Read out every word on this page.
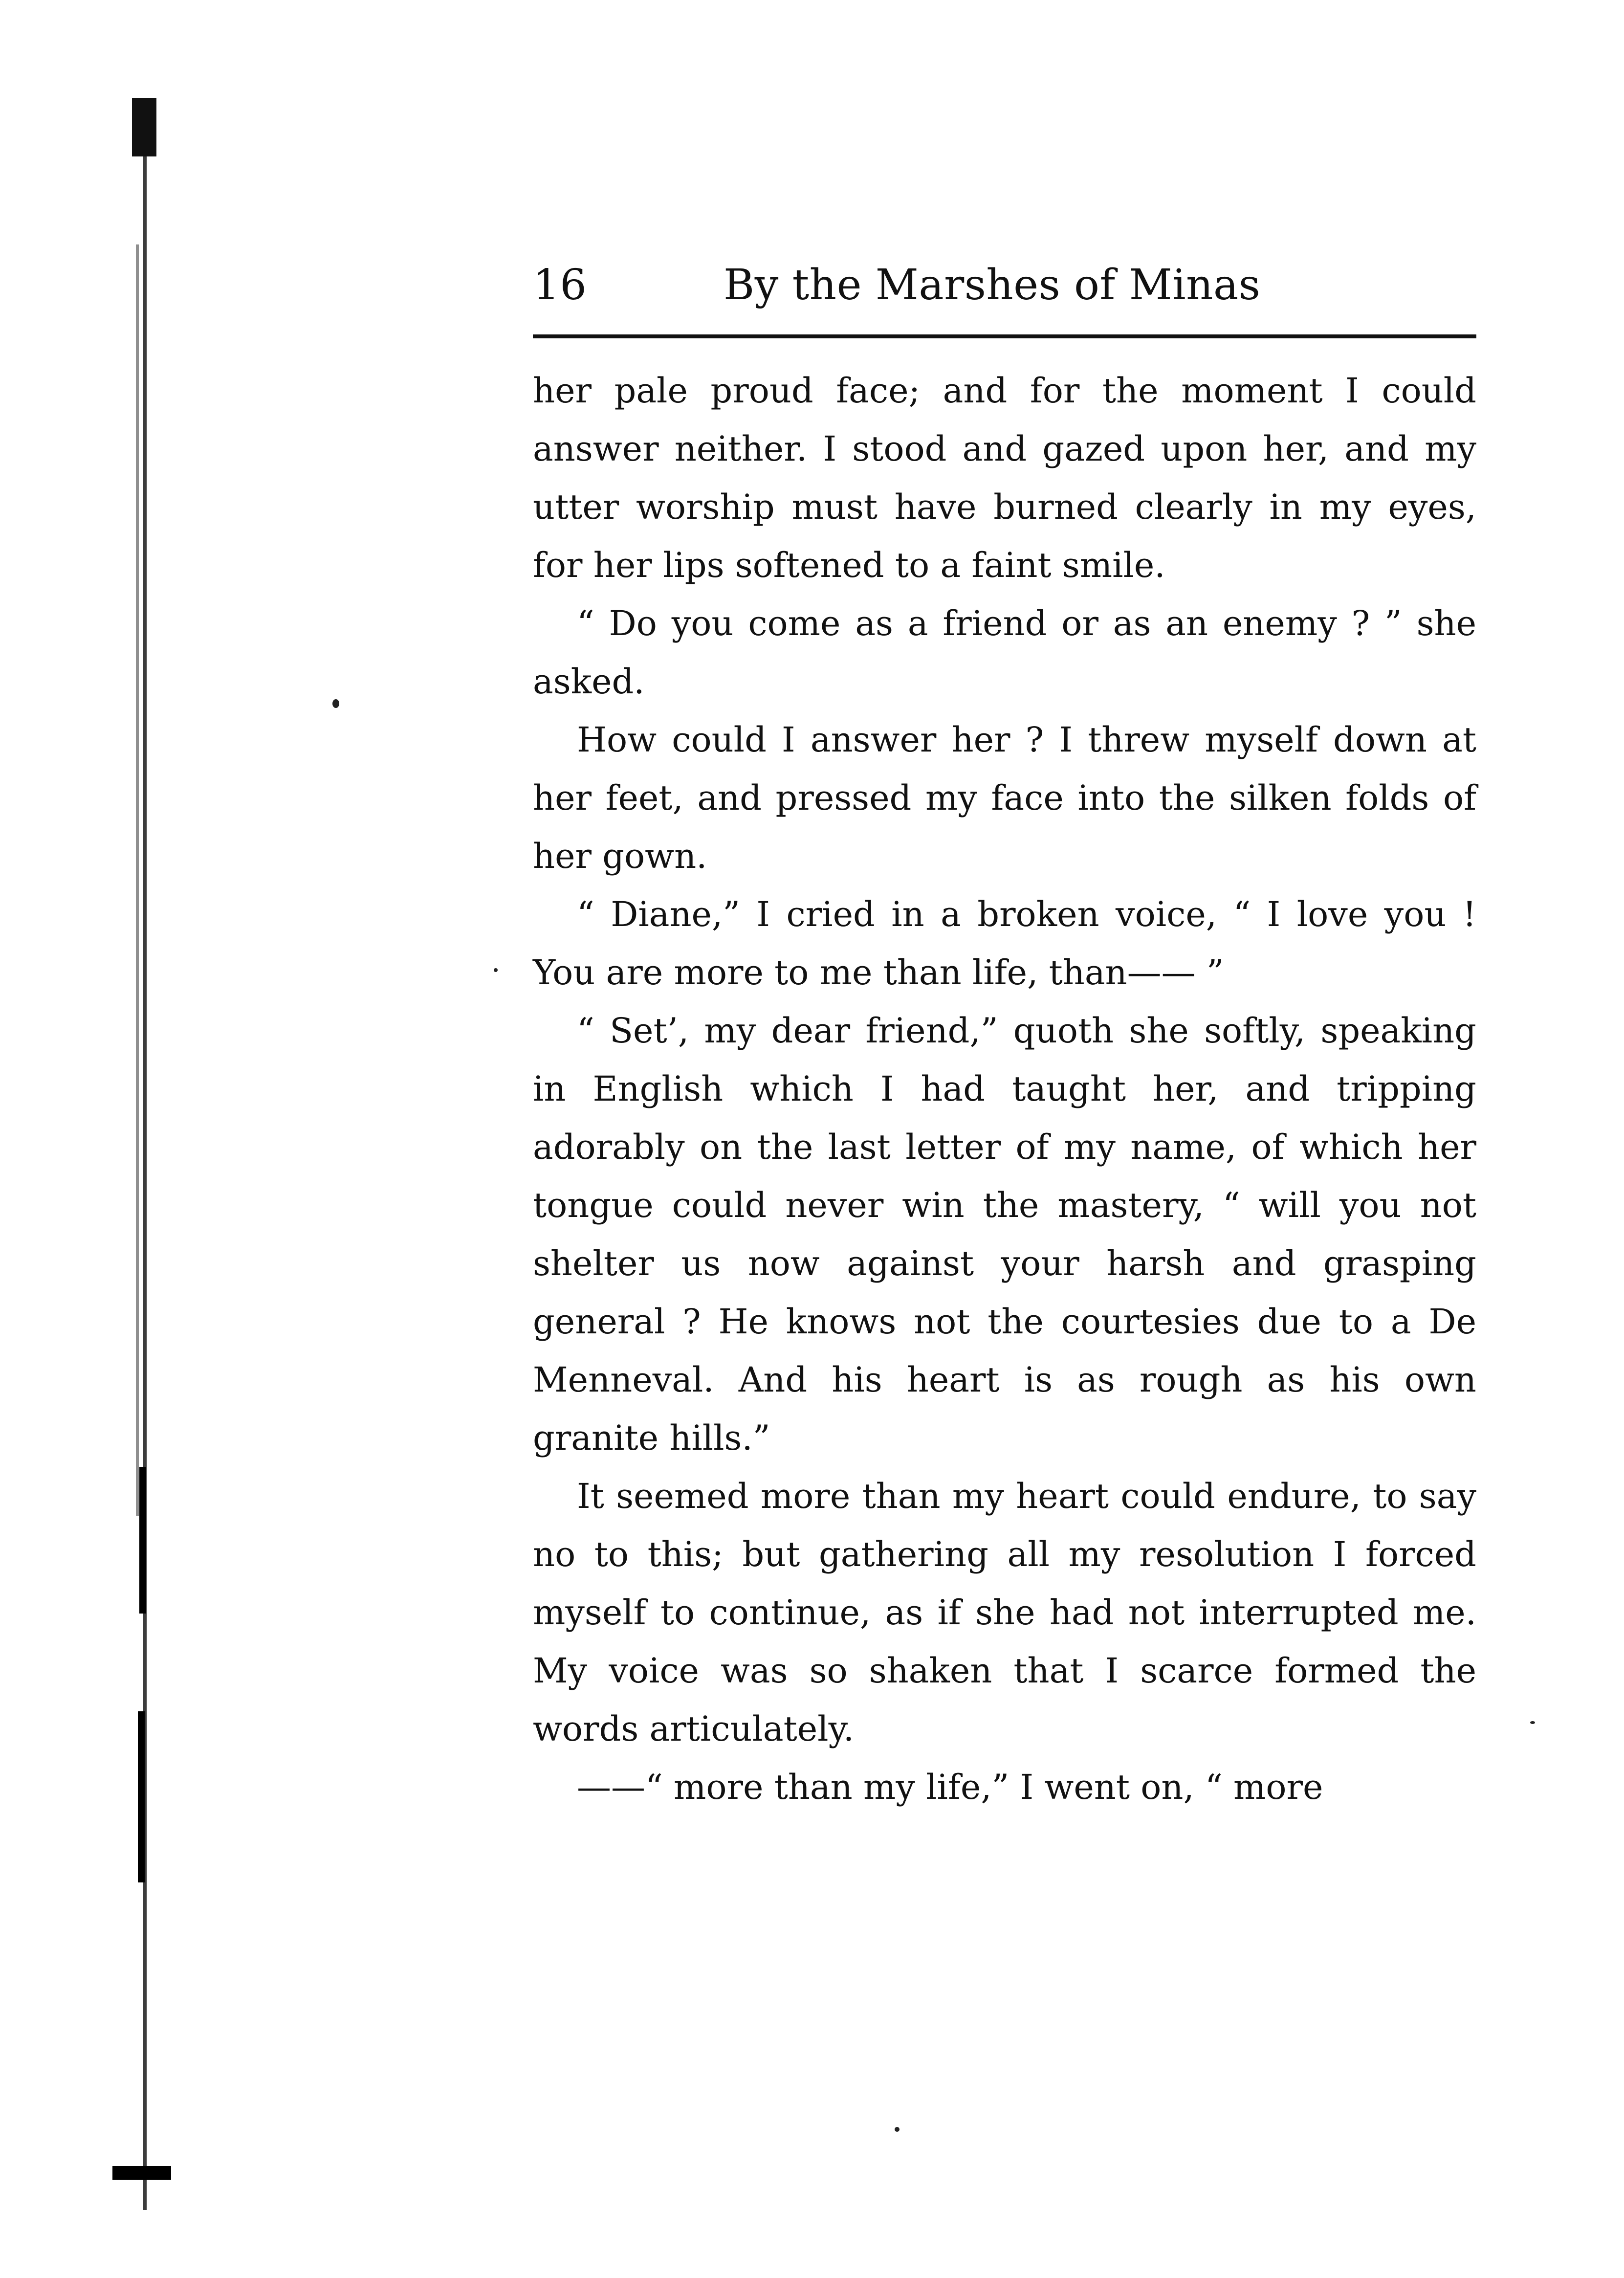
16	By the Marshes of Minas

her pale proud face; and for the moment I could answer neither. I stood and gazed upon her, and my utter worship must have burned clearly in my eyes, for her lips softened to a faint smile.

“ Do you come as a friend or as an enemy ? ” she asked.

How could I answer her ? I threw myself down at her feet, and pressed my face into the silken folds of her gown.

“ Diane,” I cried in a broken voice, “ I love you ! You are more to me than life, than—— ”

“ Set’, my dear friend,” quoth she softly, speaking in English which I had taught her, and tripping adorably on the last letter of my name, of which her tongue could never win the mastery, “ will you not shelter us now against your harsh and grasping general ? He knows not the courtesies due to a De Menneval. And his heart is as rough as his own granite hills.”

It seemed more than my heart could endure, to say no to this; but gathering all my resolution I forced myself to continue, as if she had not interrupted me. My voice was so shaken that I scarce formed the words articulately.

——“ more than my life,” I went on, “ more
